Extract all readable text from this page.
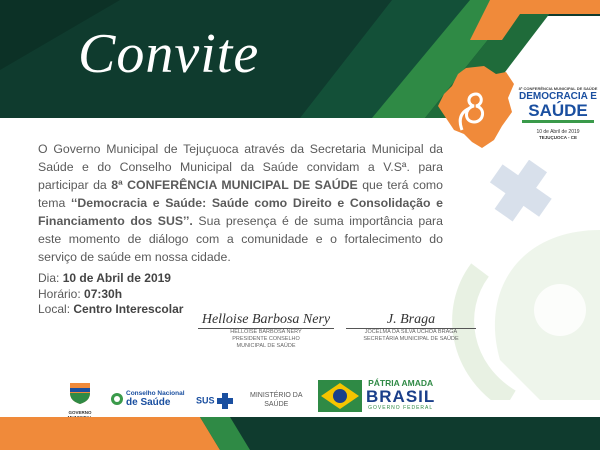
Convite
8ª CONFERÊNCIA MUNICIPAL DE SAÚDE
DEMOCRACIA E
SAÚDE
10 de Abril de 2019
TEJUÇUOCA - CE
O Governo Municipal de Tejuçuoca através da Secretaria Municipal da Saúde e do Conselho Municipal da Saúde convidam a V.Sª. para participar da 8ª CONFERÊNCIA MUNICIPAL DE SAÚDE que terá como tema ‘‘Democracia e Saúde: Saúde como Direito e Consolidação e Financiamento dos SUS’’. Sua presença é de suma importância para este momento de diálogo com a comunidade e o fortalecimento do serviço de saúde em nossa cidade.
Dia: 10 de Abril de 2019
Horário: 07:30h
Local: Centro Interescolar
Helloise Barbosa Nery
HELLOISE BARBOSA NERY
PRESIDENTE CONSELHO
MUNICIPAL DE SAÚDE
J. Braga
JOCELMA DA SILVA UCHOA BRAGA
SECRETÁRIA MUNICIPAL DE SAÚDE
GOVERNO
Conselho Nacional
de Saúde	SUS	MINISTÉRIO DA
SAÚDE
PÁTRIA AMADA
BRASIL
GOVERNO FEDERAL
